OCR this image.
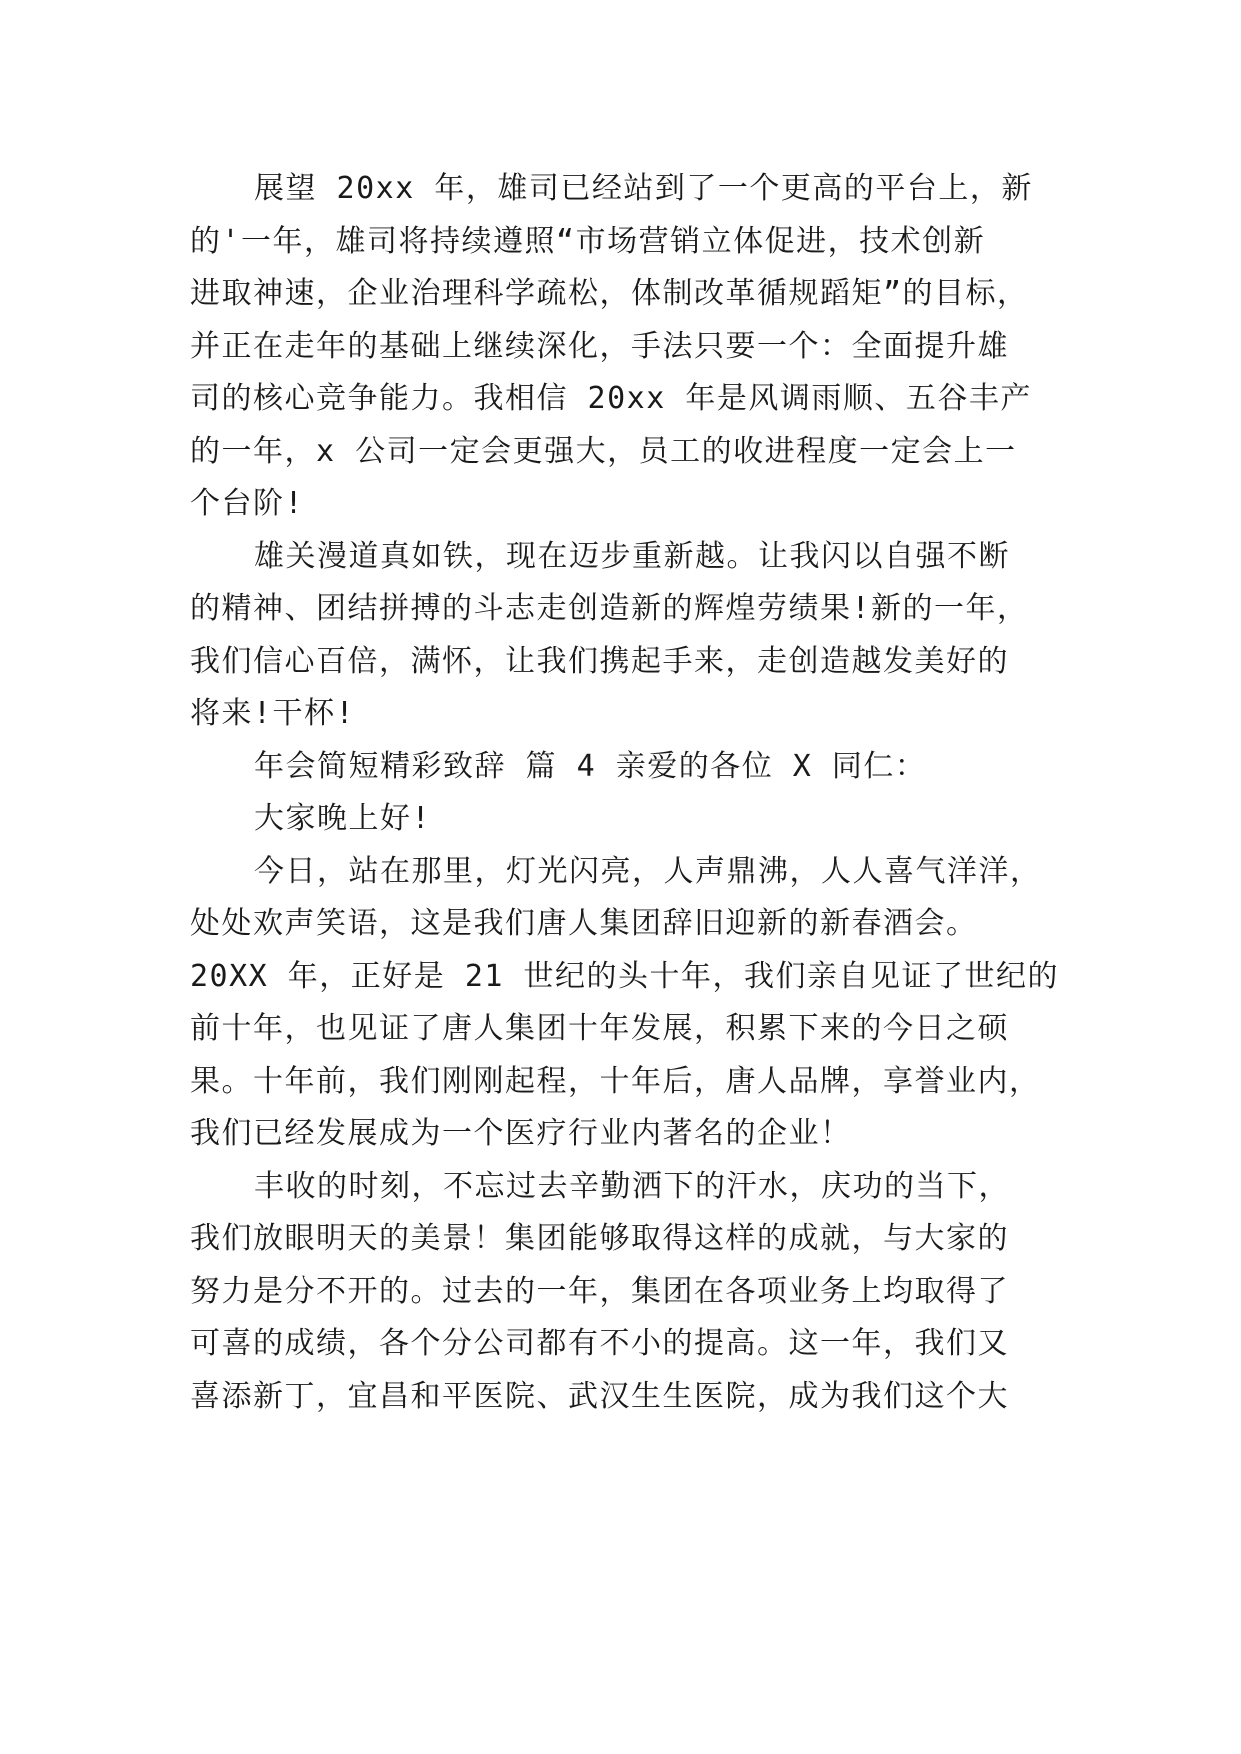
展望 20xx 年，雄司已经站到了一个更高的平台上，新
的'一年，雄司将持续遵照“市场营销立体促进，技术创新
进取神速，企业治理科学疏松，体制改革循规蹈矩”的目标，
并正在走年的基础上继续深化，手法只要一个：全面提升雄
司的核心竞争能力。我相信 20xx 年是风调雨顺、五谷丰产
的一年，x 公司一定会更强大，员工的收进程度一定会上一
个台阶!
雄关漫道真如铁，现在迈步重新越。让我闪以自强不断
的精神、团结拼搏的斗志走创造新的辉煌劳绩果!新的一年，
我们信心百倍，满怀，让我们携起手来，走创造越发美好的
将来!干杯!
年会简短精彩致辞 篇 4 亲爱的各位 X 同仁：
大家晚上好!
今日，站在那里，灯光闪亮，人声鼎沸，人人喜气洋洋，
处处欢声笑语，这是我们唐人集团辞旧迎新的新春酒会。
20XX 年，正好是 21 世纪的头十年，我们亲自见证了世纪的
前十年，也见证了唐人集团十年发展，积累下来的今日之硕
果。十年前，我们刚刚起程，十年后，唐人品牌，享誉业内，
我们已经发展成为一个医疗行业内著名的企业！
丰收的时刻，不忘过去辛勤洒下的汗水，庆功的当下，
我们放眼明天的美景！集团能够取得这样的成就，与大家的
努力是分不开的。过去的一年，集团在各项业务上均取得了
可喜的成绩，各个分公司都有不小的提高。这一年，我们又
喜添新丁，宜昌和平医院、武汉生生医院，成为我们这个大
